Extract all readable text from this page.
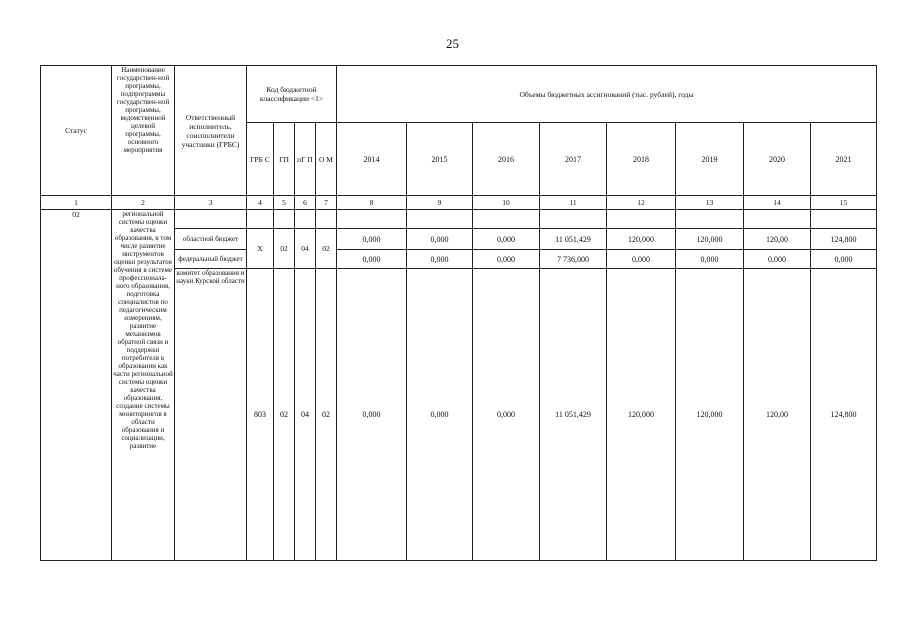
25
Статус	Наименование государствен-ной программы, подпрограммы государствен-ной программы, ведомственной целевой программы, основного мероприятия	Ответственный исполнитель, соисполнители участники (ГРБС)	Код бюджетной классификации <1>				Объемы бюджетных ассигнований (тыс. рублей), годы							
			ГРБ С	ГП	пГ П	О М	2014	2015	2016	2017	2018	2019	2020	2021
1	2	3	4	5	6	7	8	9	10	11	12	13	14	15
02	региональной системы оценки качества образования, в том числе развитие инструментов оценки результатов обучения в системе профессионала-ного образования, подготовка специалистов по педагогическим измерениям, развитие механизмов обратной связи и поддержки потребителя в образовании как части региональной системы оценки качества образования, создание системы мониторингов в области образования и социализации, развитие													
		областной бюджет	X	02	04	02	0,000	0,000	0,000	11 051,429	120,000	120,000	120,00	124,800
		федеральный бюджет					0,000	0,000	0,000	7 736,000	0,000	0,000	0,000	0,000
		комитет образования и науки Курской области	803	02	04	02	0,000	0,000	0,000	11 051,429	120,000	120,000	120,00	124,800
